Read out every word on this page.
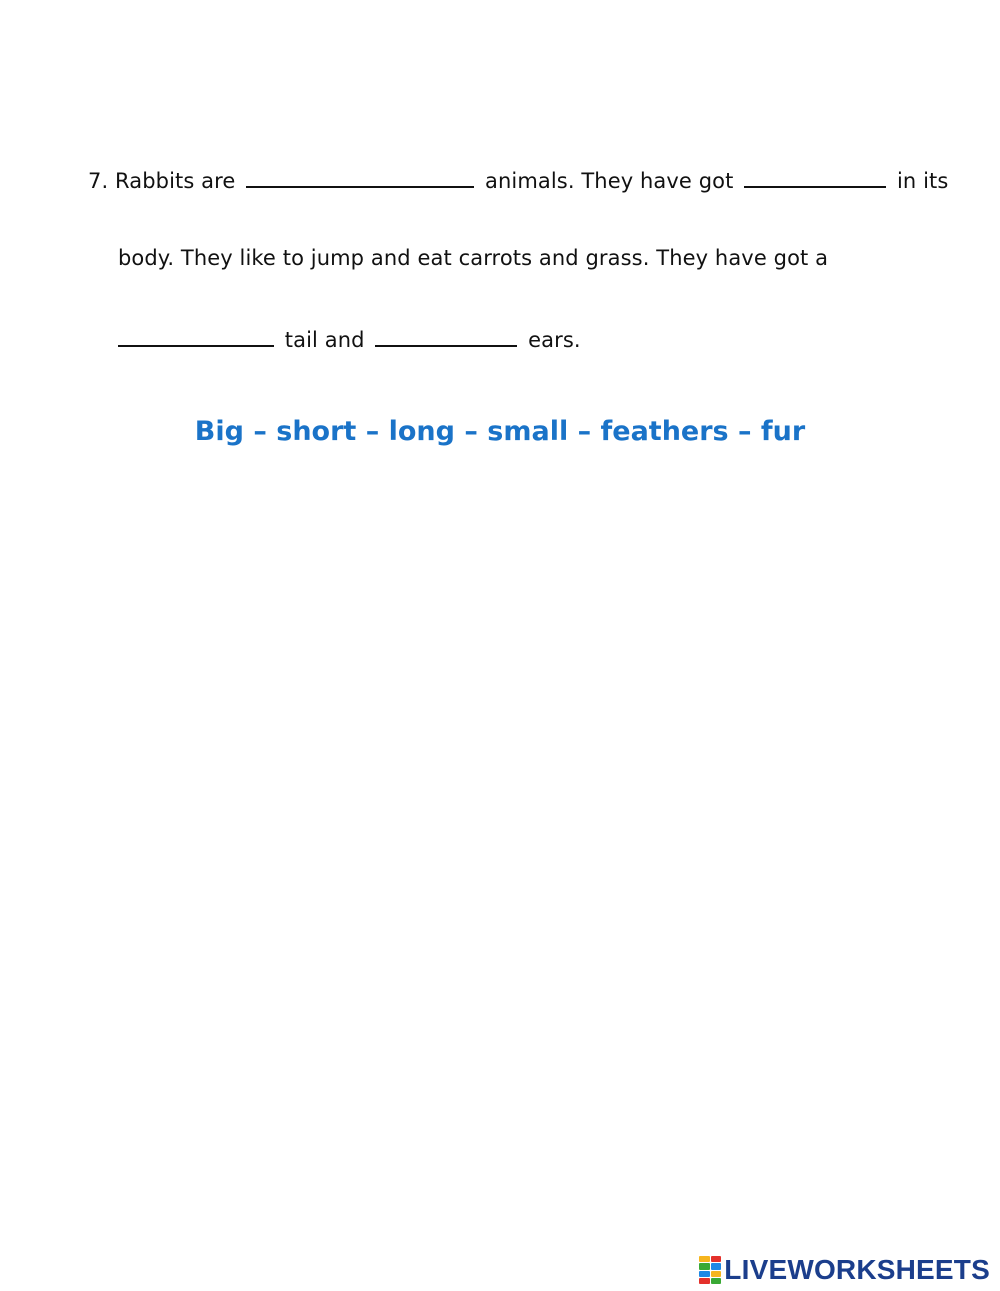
7. Rabbits are	animals. They have got	in its
body. They like to jump and eat carrots and grass. They have got a
tail and	ears.
Big – short – long – small – feathers – fur
LIVEWORKSHEETS
